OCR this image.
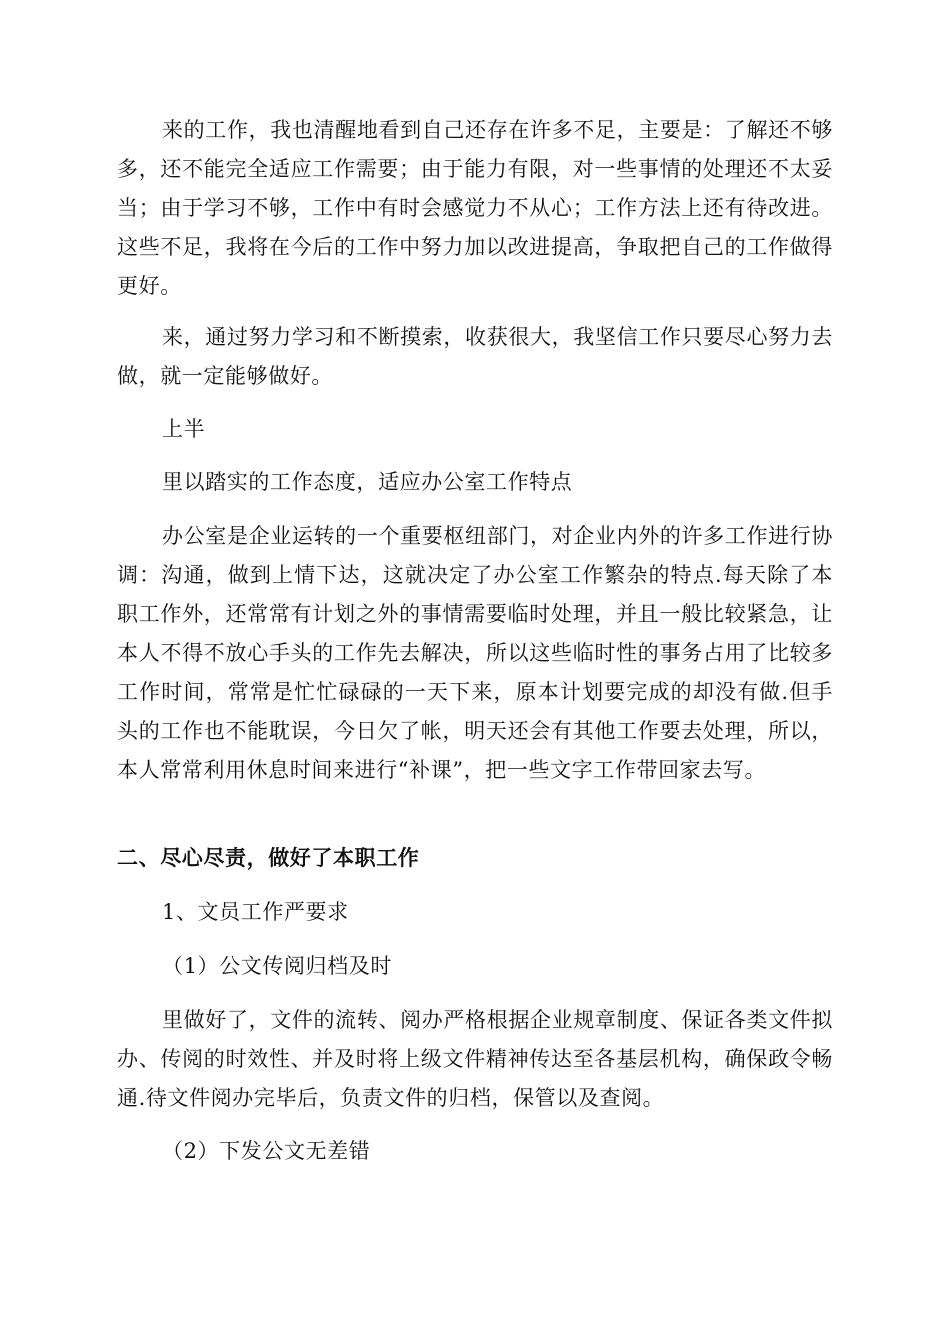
来的工作，我也清醒地看到自己还存在许多不足，主要是：了解还不够多，还不能完全适应工作需要；由于能力有限，对一些事情的处理还不太妥当；由于学习不够，工作中有时会感觉力不从心；工作方法上还有待改进。这些不足，我将在今后的工作中努力加以改进提高，争取把自己的工作做得更好。

来，通过努力学习和不断摸索，收获很大，我坚信工作只要尽心努力去做，就一定能够做好。

上半

里以踏实的工作态度，适应办公室工作特点

办公室是企业运转的一个重要枢纽部门，对企业内外的许多工作进行协调：沟通，做到上情下达，这就决定了办公室工作繁杂的特点.每天除了本职工作外，还常常有计划之外的事情需要临时处理，并且一般比较紧急，让本人不得不放心手头的工作先去解决，所以这些临时性的事务占用了比较多工作时间，常常是忙忙碌碌的一天下来，原本计划要完成的却没有做.但手头的工作也不能耽误，今日欠了帐，明天还会有其他工作要去处理，所以，本人常常利用休息时间来进行“补课”，把一些文字工作带回家去写。

二、尽心尽责，做好了本职工作

1、文员工作严要求

（1）公文传阅归档及时

里做好了，文件的流转、阅办严格根据企业规章制度、保证各类文件拟办、传阅的时效性、并及时将上级文件精神传达至各基层机构，确保政令畅通.待文件阅办完毕后，负责文件的归档，保管以及查阅。

（2）下发公文无差错
